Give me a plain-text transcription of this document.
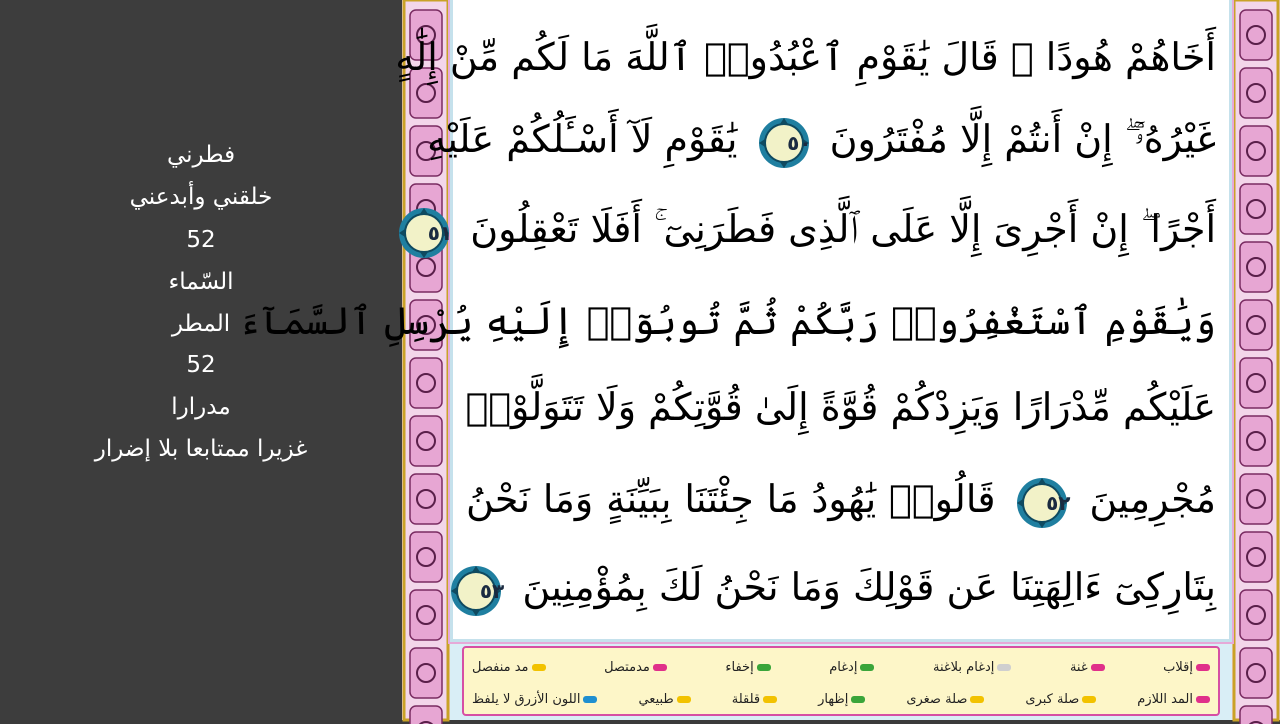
فطرني
خلقني وأبدعني
52
السّماء
المطر
52
مدرارا
غزيرا ممتابعا بلا إضرار
أَخَاهُمْ هُودًا ۚ قَالَ يَٰقَوْمِ ٱعْبُدُوا۟ ٱللَّهَ مَا لَكُم مِّنْ إِلَٰهٍ
غَيْرُهُۥٓ ۖ إِنْ أَنتُمْ إِلَّا مُفْتَرُونَ
٥٠
يَٰقَوْمِ لَآ أَسْـَٔلُكُمْ عَلَيْهِ
أَجْرًا ۖ إِنْ أَجْرِىَ إِلَّا عَلَى ٱلَّذِى فَطَرَنِىٓ ۚ أَفَلَا تَعْقِلُونَ
٥١
وَيَٰقَوْمِ ٱسْتَغْفِرُوا۟ رَبَّكُمْ ثُمَّ تُوبُوٓا۟ إِلَيْهِ يُرْسِلِ ٱلسَّمَآءَ
عَلَيْكُم مِّدْرَارًا وَيَزِدْكُمْ قُوَّةً إِلَىٰ قُوَّتِكُمْ وَلَا تَتَوَلَّوْا۟
مُجْرِمِينَ
٥٢
قَالُوا۟ يَٰهُودُ مَا جِئْتَنَا بِبَيِّنَةٍ وَمَا نَحْنُ
بِتَارِكِىٓ ءَالِهَتِنَا عَن قَوْلِكَ وَمَا نَحْنُ لَكَ بِمُؤْمِنِينَ
٥٣
إقلاب
غنة
إدغام بلاغنة
إدغام
إخفاء
مدمتصل
مد منفصل
المد اللازم
صلة كبرى
صلة صغرى
إظهار
قلقلة
طبيعي
اللون الأزرق لا يلفظ
